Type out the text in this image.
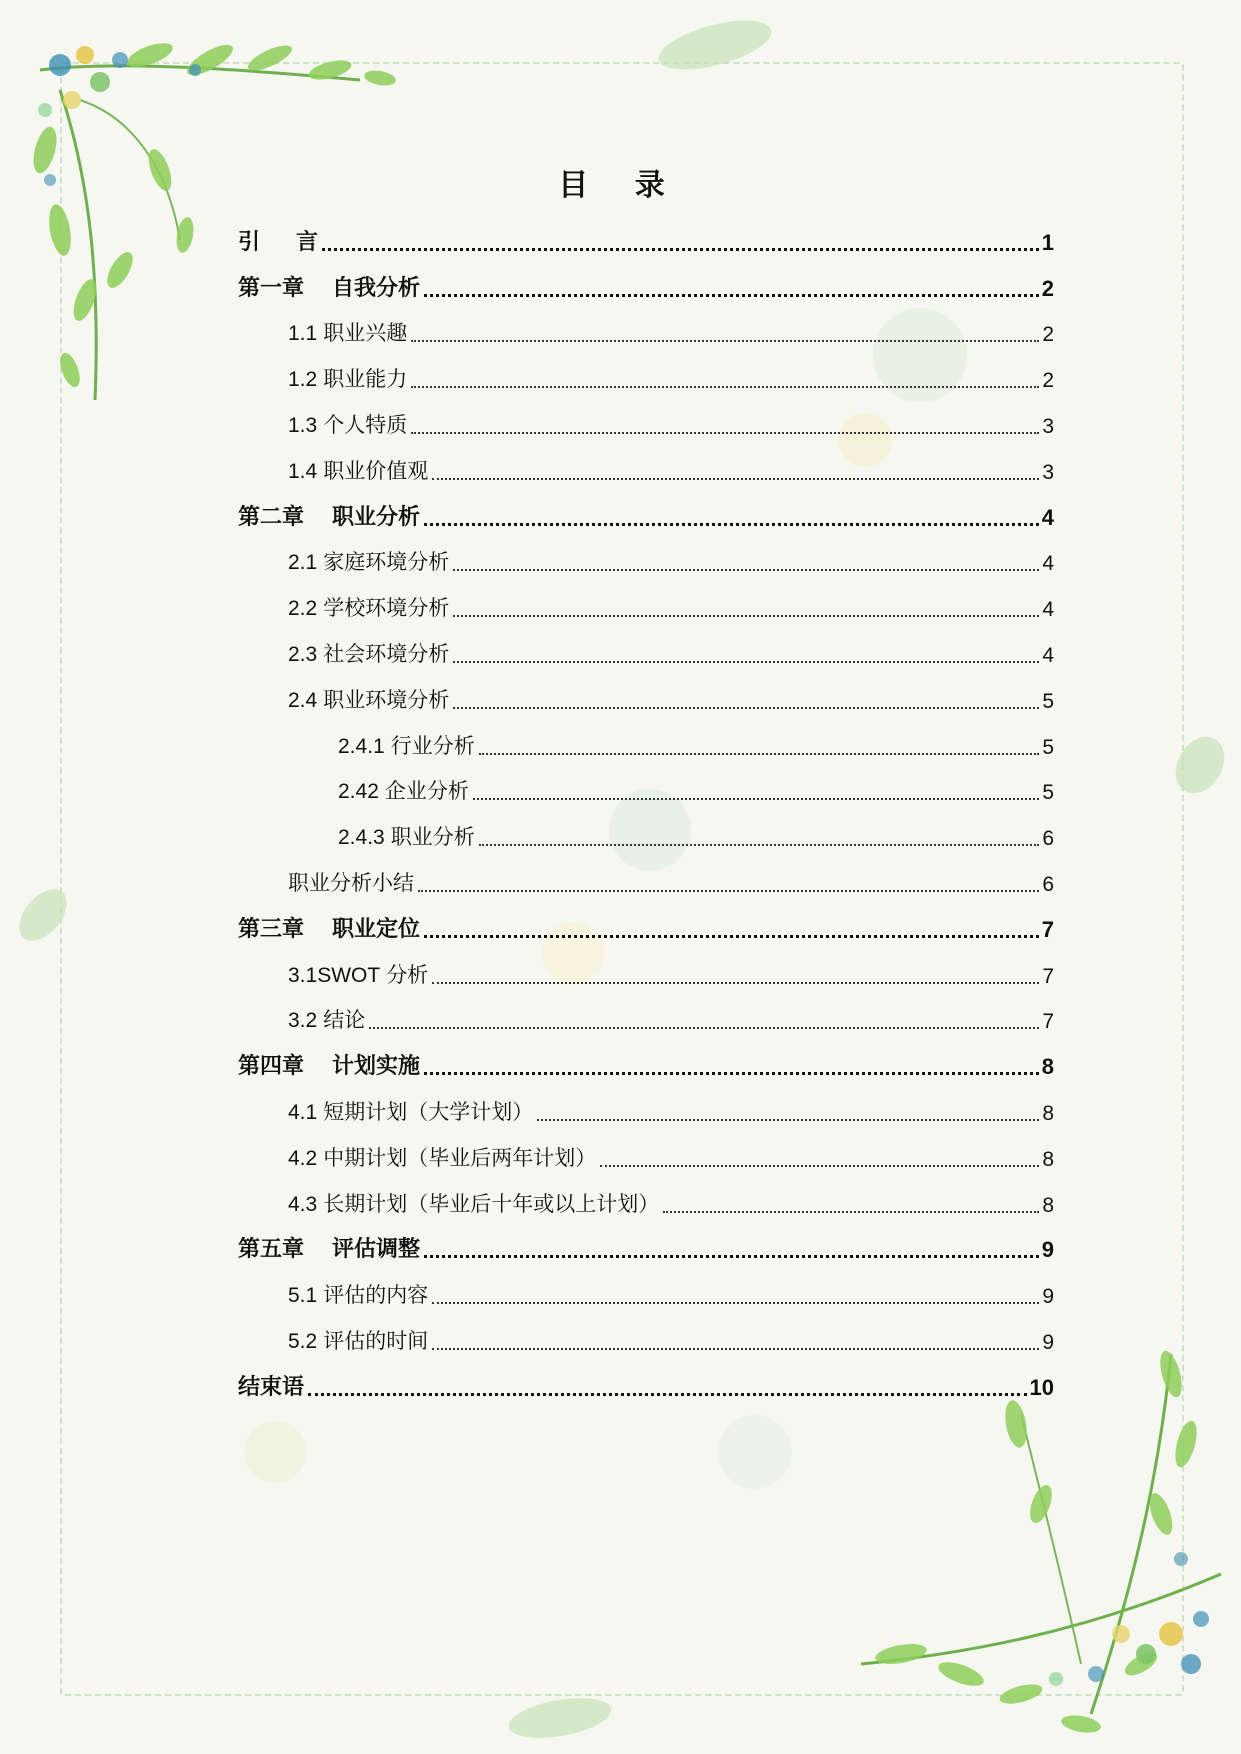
目 录
引 言	1
第一章 自我分析	2
1.1 职业兴趣	2
1.2 职业能力	2
1.3 个人特质	3
1.4 职业价值观	3
第二章 职业分析	4
2.1 家庭环境分析	4
2.2 学校环境分析	4
2.3 社会环境分析	4
2.4 职业环境分析	5
2.4.1 行业分析	5
2.42 企业分析	5
2.4.3 职业分析	6
职业分析小结	6
第三章 职业定位	7
3.1SWOT 分析	7
3.2 结论	7
第四章 计划实施	8
4.1 短期计划（大学计划）	8
4.2 中期计划（毕业后两年计划）	8
4.3 长期计划（毕业后十年或以上计划）	8
第五章 评估调整	9
5.1 评估的内容	9
5.2 评估的时间	9
结束语	10
